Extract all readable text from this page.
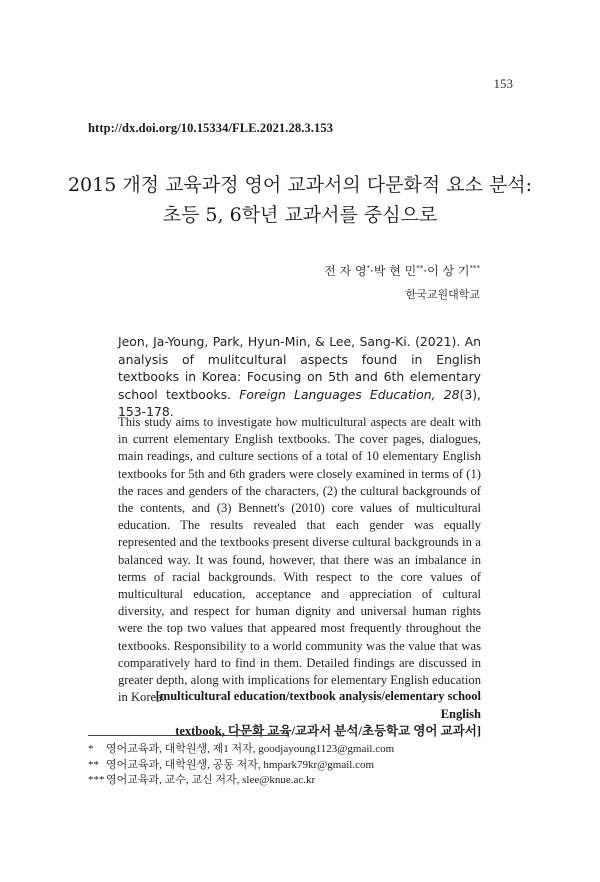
153
http://dx.doi.org/10.15334/FLE.2021.28.3.153
2015 개정 교육과정 영어 교과서의 다문화적 요소 분석:
초등 5, 6학년 교과서를 중심으로
전 자 영*·박 현 민**·이 상 기***
한국교원대학교
Jeon, Ja-Young, Park, Hyun-Min, & Lee, Sang-Ki. (2021). An analysis of mulitcultural aspects found in English textbooks in Korea: Focusing on 5th and 6th elementary school textbooks. Foreign Languages Education, 28(3), 153-178.
This study aims to investigate how multicultural aspects are dealt with in current elementary English textbooks. The cover pages, dialogues, main readings, and culture sections of a total of 10 elementary English textbooks for 5th and 6th graders were closely examined in terms of (1) the races and genders of the characters, (2) the cultural backgrounds of the contents, and (3) Bennett's (2010) core values of multicultural education. The results revealed that each gender was equally represented and the textbooks present diverse cultural backgrounds in a balanced way. It was found, however, that there was an imbalance in terms of racial backgrounds. With respect to the core values of multicultural education, acceptance and appreciation of cultural diversity, and respect for human dignity and universal human rights were the top two values that appeared most frequently throughout the textbooks. Responsibility to a world community was the value that was comparatively hard to find in them. Detailed findings are discussed in greater depth, along with implications for elementary English education in Korea.
[multicultural education/textbook analysis/elementary school English
textbook, 다문화 교육/교과서 분석/초등학교 영어 교과서]
* 영어교육과, 대학원생, 제1 저자, goodjayoung1123@gmail.com
** 영어교육과, 대학원생, 공동 저자, hmpark79kr@gmail.com
*** 영어교육과, 교수, 교신 저자, slee@knue.ac.kr
